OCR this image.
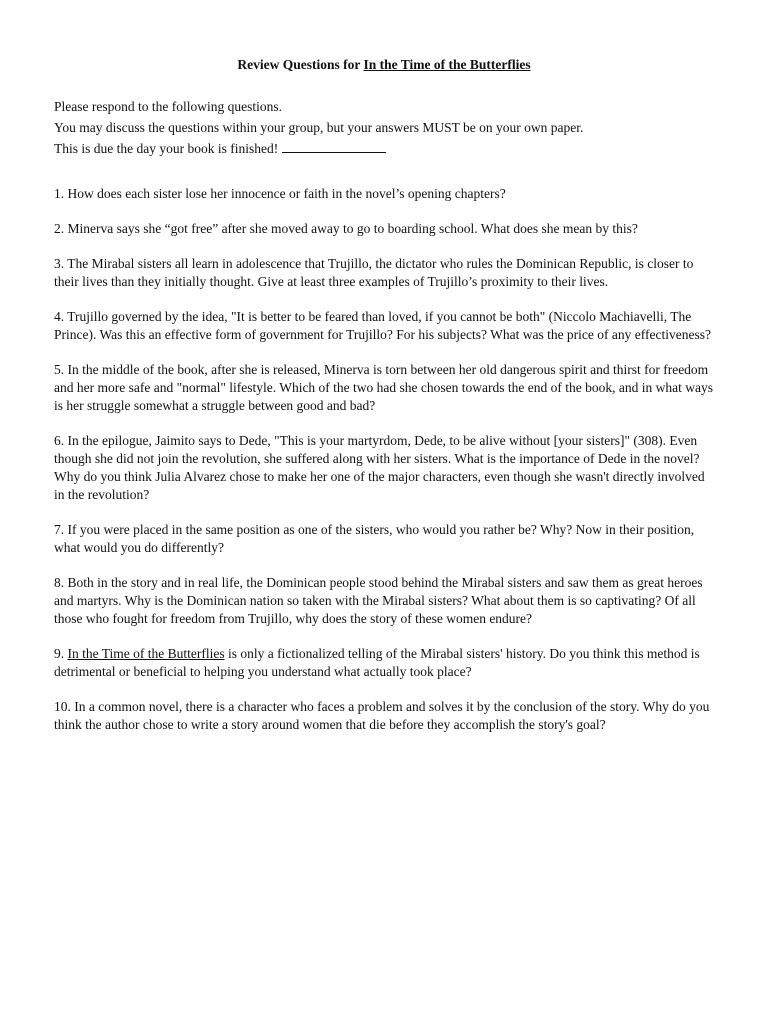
Review Questions for In the Time of the Butterflies

Please respond to the following questions.

You may discuss the questions within your group, but your answers MUST be on your own paper.

This is due the day your book is finished!

1. How does each sister lose her innocence or faith in the novel’s opening chapters?

2. Minerva says she “got free” after she moved away to go to boarding school. What does she mean by this?

3. The Mirabal sisters all learn in adolescence that Trujillo, the dictator who rules the Dominican Republic, is closer to their lives than they initially thought. Give at least three examples of Trujillo’s proximity to their lives.

4. Trujillo governed by the idea, "It is better to be feared than loved, if you cannot be both" (Niccolo Machiavelli, The Prince). Was this an effective form of government for Trujillo? For his subjects? What was the price of any effectiveness?

5. In the middle of the book, after she is released, Minerva is torn between her old dangerous spirit and thirst for freedom and her more safe and "normal" lifestyle. Which of the two had she chosen towards the end of the book, and in what ways is her struggle somewhat a struggle between good and bad?

6. In the epilogue, Jaimito says to Dede, "This is your martyrdom, Dede, to be alive without [your sisters]" (308). Even though she did not join the revolution, she suffered along with her sisters. What is the importance of Dede in the novel? Why do you think Julia Alvarez chose to make her one of the major characters, even though she wasn't directly involved in the revolution?

7. If you were placed in the same position as one of the sisters, who would you rather be? Why? Now in their position, what would you do differently?

8. Both in the story and in real life, the Dominican people stood behind the Mirabal sisters and saw them as great heroes and martyrs. Why is the Dominican nation so taken with the Mirabal sisters? What about them is so captivating? Of all those who fought for freedom from Trujillo, why does the story of these women endure?

9. In the Time of the Butterflies is only a fictionalized telling of the Mirabal sisters' history. Do you think this method is detrimental or beneficial to helping you understand what actually took place?

10. In a common novel, there is a character who faces a problem and solves it by the conclusion of the story. Why do you think the author chose to write a story around women that die before they accomplish the story's goal?
